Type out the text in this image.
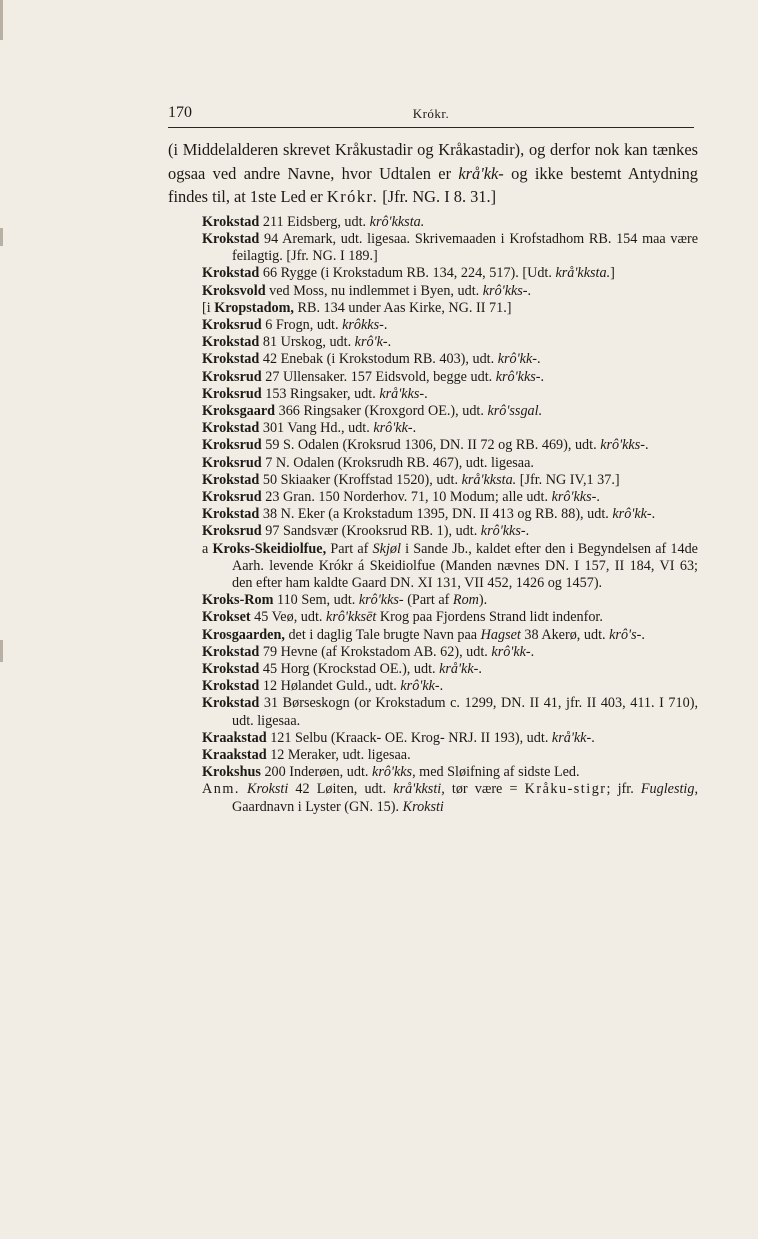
170	Krókr.

(i Middelalderen skrevet Kråkustadir og Kråkastadir), og derfor nok kan tænkes ogsaa ved andre Navne, hvor Udtalen er krå'kk- og ikke bestemt Antydning findes til, at 1ste Led er Krókr. [Jfr. NG. I 8. 31.]

Krokstad 211 Eidsberg, udt. krô'kksta.

Krokstad 94 Aremark, udt. ligesaa. Skrivemaaden i Krofstadhom RB. 154 maa være feilagtig. [Jfr. NG. I 189.]

Krokstad 66 Rygge (i Krokstadum RB. 134, 224, 517). [Udt. krå'kksta.]

Kroksvold ved Moss, nu indlemmet i Byen, udt. krô'kks-.

[i Kropstadom, RB. 134 under Aas Kirke, NG. II 71.]

Kroksrud 6 Frogn, udt. krôkks-.

Krokstad 81 Urskog, udt. krô'k-.

Krokstad 42 Enebak (i Krokstodum RB. 403), udt. krô'kk-.

Kroksrud 27 Ullensaker. 157 Eidsvold, begge udt. krô'kks-.

Kroksrud 153 Ringsaker, udt. krå'kks-.

Kroksgaard 366 Ringsaker (Kroxgord OE.), udt. krô'ssgal.

Krokstad 301 Vang Hd., udt. krô'kk-.

Kroksrud 59 S. Odalen (Kroksrud 1306, DN. II 72 og RB. 469), udt. krô'kks-.

Kroksrud 7 N. Odalen (Kroksrudh RB. 467), udt. ligesaa.

Krokstad 50 Skiaaker (Kroffstad 1520), udt. krå'kksta. [Jfr. NG IV,1 37.]

Kroksrud 23 Gran. 150 Norderhov. 71, 10 Modum; alle udt. krô'kks-.

Krokstad 38 N. Eker (a Krokstadum 1395, DN. II 413 og RB. 88), udt. krô'kk-.

Kroksrud 97 Sandsvær (Krooksrud RB. 1), udt. krô'kks-.

a Kroks-Skeidiolfue, Part af Skjøl i Sande Jb., kaldet efter den i Begyndelsen af 14de Aarh. levende Krókr á Skeidiolfue (Manden nævnes DN. I 157, II 184, VI 63; den efter ham kaldte Gaard DN. XI 131, VII 452, 1426 og 1457).

Kroks-Rom 110 Sem, udt. krô'kks- (Part af Rom).

Krokset 45 Veø, udt. krô'kksēt Krog paa Fjordens Strand lidt indenfor.

Krosgaarden, det i daglig Tale brugte Navn paa Hagset 38 Akerø, udt. krô's-.

Krokstad 79 Hevne (af Krokstadom AB. 62), udt. krô'kk-.

Krokstad 45 Horg (Krockstad OE.), udt. krå'kk-.

Krokstad 12 Hølandet Guld., udt. krô'kk-.

Krokstad 31 Børseskogn (or Krokstadum c. 1299, DN. II 41, jfr. II 403, 411. I 710), udt. ligesaa.

Kraakstad 121 Selbu (Kraack- OE. Krog- NRJ. II 193), udt. krå'kk-.

Kraakstad 12 Meraker, udt. ligesaa.

Krokshus 200 Inderøen, udt. krô'kks, med Sløifning af sidste Led.

Anm. Kroksti 42 Løiten, udt. krå'kksti, tør være = Kråku-stigr; jfr. Fuglestig, Gaardnavn i Lyster (GN. 15). Kroksti
